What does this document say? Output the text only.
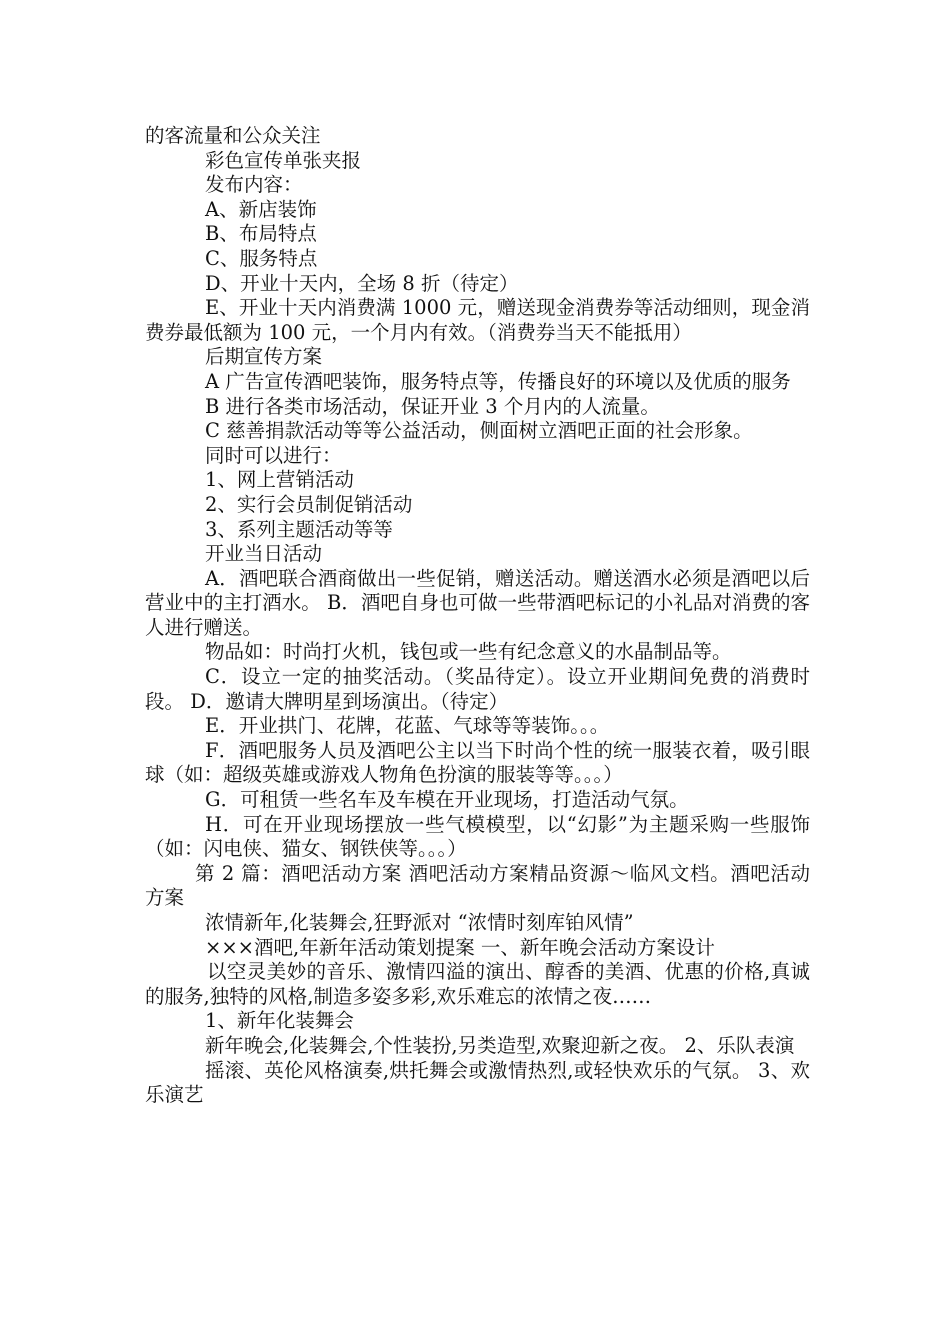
的客流量和公众关注

彩色宣传单张夹报

发布内容：

A、新店装饰

B、布局特点

C、服务特点

D、开业十天内，全场 8 折（待定）

E、开业十天内消费满 1000 元，赠送现金消费券等活动细则，现金消费券最低额为 100 元，一个月内有效。（消费券当天不能抵用）

后期宣传方案

A 广告宣传酒吧装饰，服务特点等，传播良好的环境以及优质的服务

B 进行各类市场活动，保证开业 3 个月内的人流量。

C 慈善捐款活动等等公益活动，侧面树立酒吧正面的社会形象。

同时可以进行：

1、网上营销活动

2、实行会员制促销活动

3、系列主题活动等等

开业当日活动

A．酒吧联合酒商做出一些促销，赠送活动。赠送酒水必须是酒吧以后营业中的主打酒水。 B．酒吧自身也可做一些带酒吧标记的小礼品对消费的客人进行赠送。

物品如：时尚打火机，钱包或一些有纪念意义的水晶制品等。

C．设立一定的抽奖活动。（奖品待定）。设立开业期间免费的消费时段。 D．邀请大牌明星到场演出。（待定）

E．开业拱门、花牌，花蓝、气球等等装饰。。。

F．酒吧服务人员及酒吧公主以当下时尚个性的统一服装衣着，吸引眼球（如：超级英雄或游戏人物角色扮演的服装等等。。。）

G．可租赁一些名车及车模在开业现场，打造活动气氛。

H．可在开业现场摆放一些气模模型，以“幻影”为主题采购一些服饰（如：闪电侠、猫女、钢铁侠等。。。）

第 2 篇：酒吧活动方案 酒吧活动方案精品资源～临风文档。酒吧活动方案

浓情新年,化装舞会,狂野派对 “浓情时刻库铂风情”

×××酒吧,年新年活动策划提案 一、新年晚会活动方案设计

以空灵美妙的音乐、激情四溢的演出、醇香的美酒、优惠的价格,真诚的服务,独特的风格,制造多姿多彩,欢乐难忘的浓情之夜……

1、新年化装舞会

新年晚会,化装舞会,个性装扮,另类造型,欢聚迎新之夜。 2、乐队表演

摇滚、英伦风格演奏,烘托舞会或激情热烈,或轻快欢乐的气氛。 3、欢乐演艺
